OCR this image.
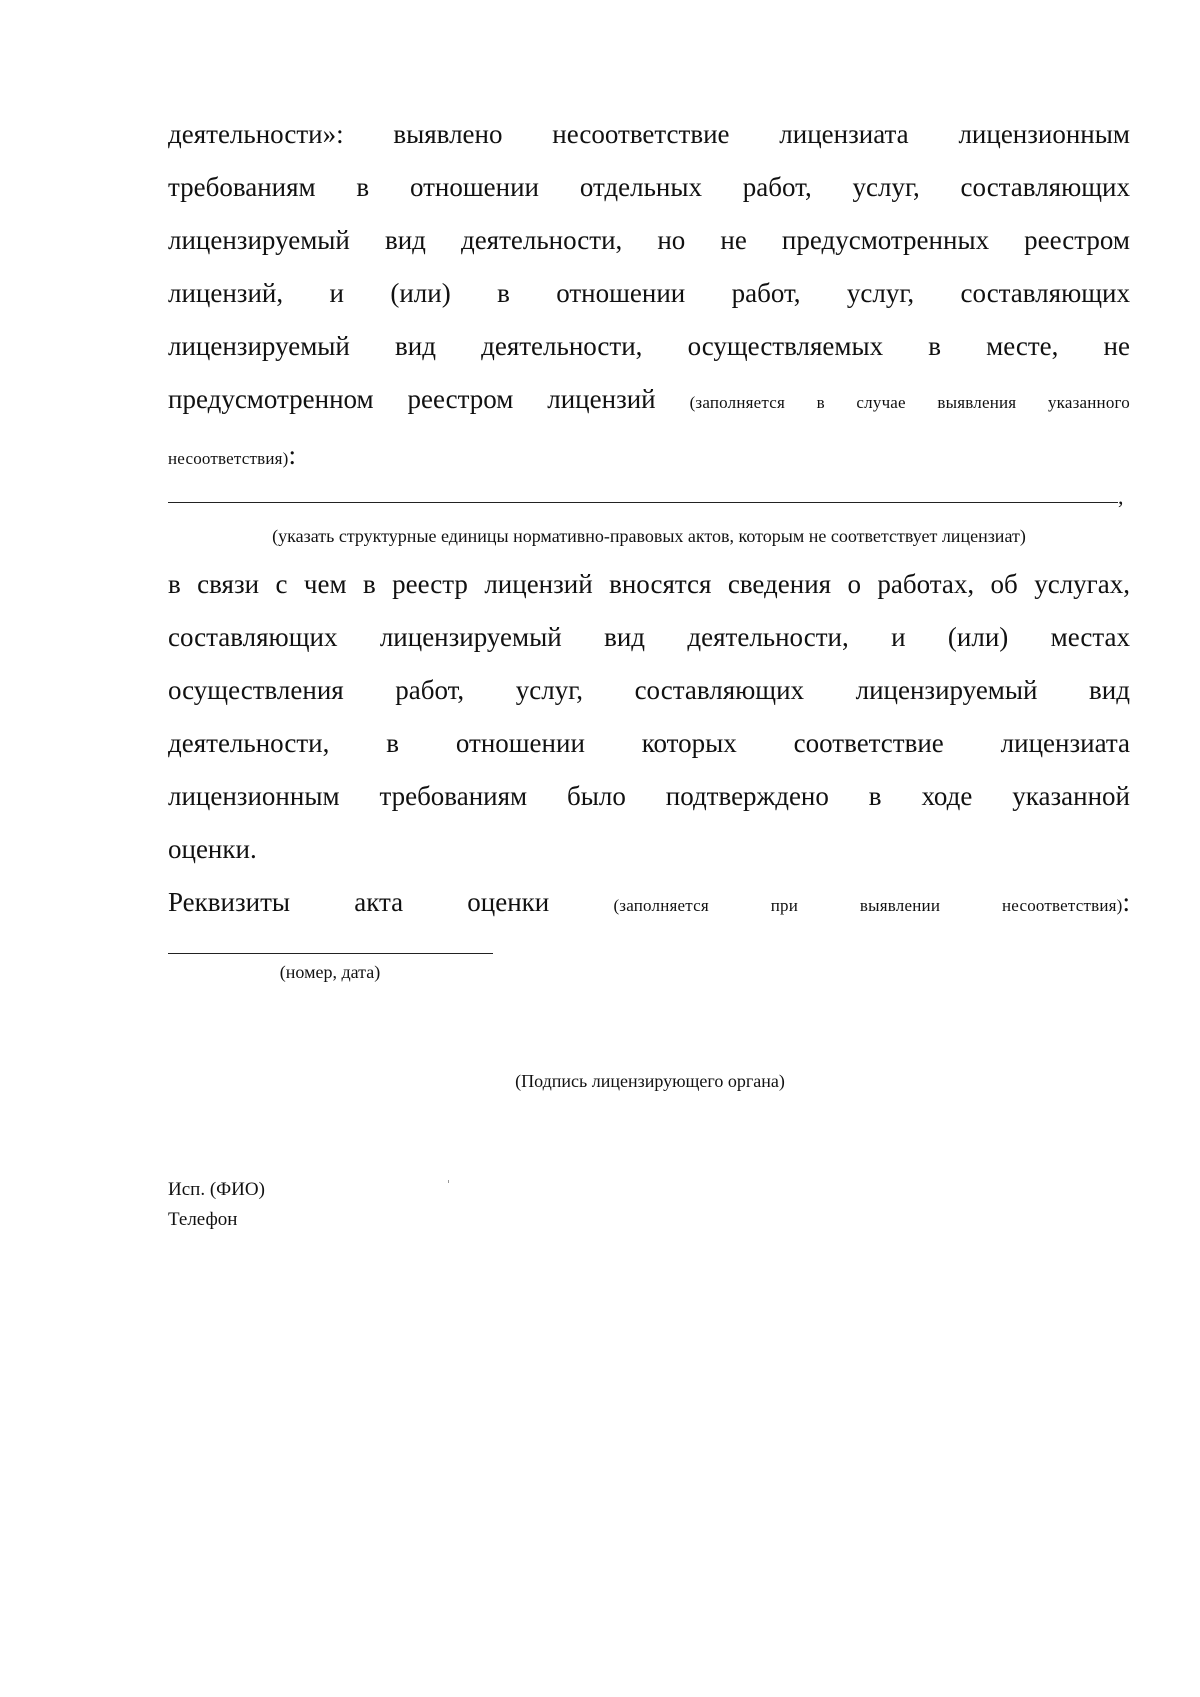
деятельности»: выявлено несоответствие лицензиата лицензионным
требованиям в отношении отдельных работ, услуг, составляющих
лицензируемый вид деятельности, но не предусмотренных реестром
лицензий, и (или) в отношении работ, услуг, составляющих
лицензируемый вид деятельности, осуществляемых в месте, не
предусмотренном реестром лицензий (заполняется в случае выявления указанного
несоответствия):
,
(указать структурные единицы нормативно-правовых актов, которым не соответствует лицензиат)
в связи с чем в реестр лицензий вносятся сведения о работах, об услугах,
составляющих лицензируемый вид деятельности, и (или) местах
осуществления работ, услуг, составляющих лицензируемый вид
деятельности, в отношении которых соответствие лицензиата
лицензионным требованиям было подтверждено в ходе указанной
оценки.
Реквизиты акта оценки	(заполняется при выявлении несоответствия):
(номер, дата)
(Подпись лицензирующего органа)
Исп. (ФИО)
Телефон
